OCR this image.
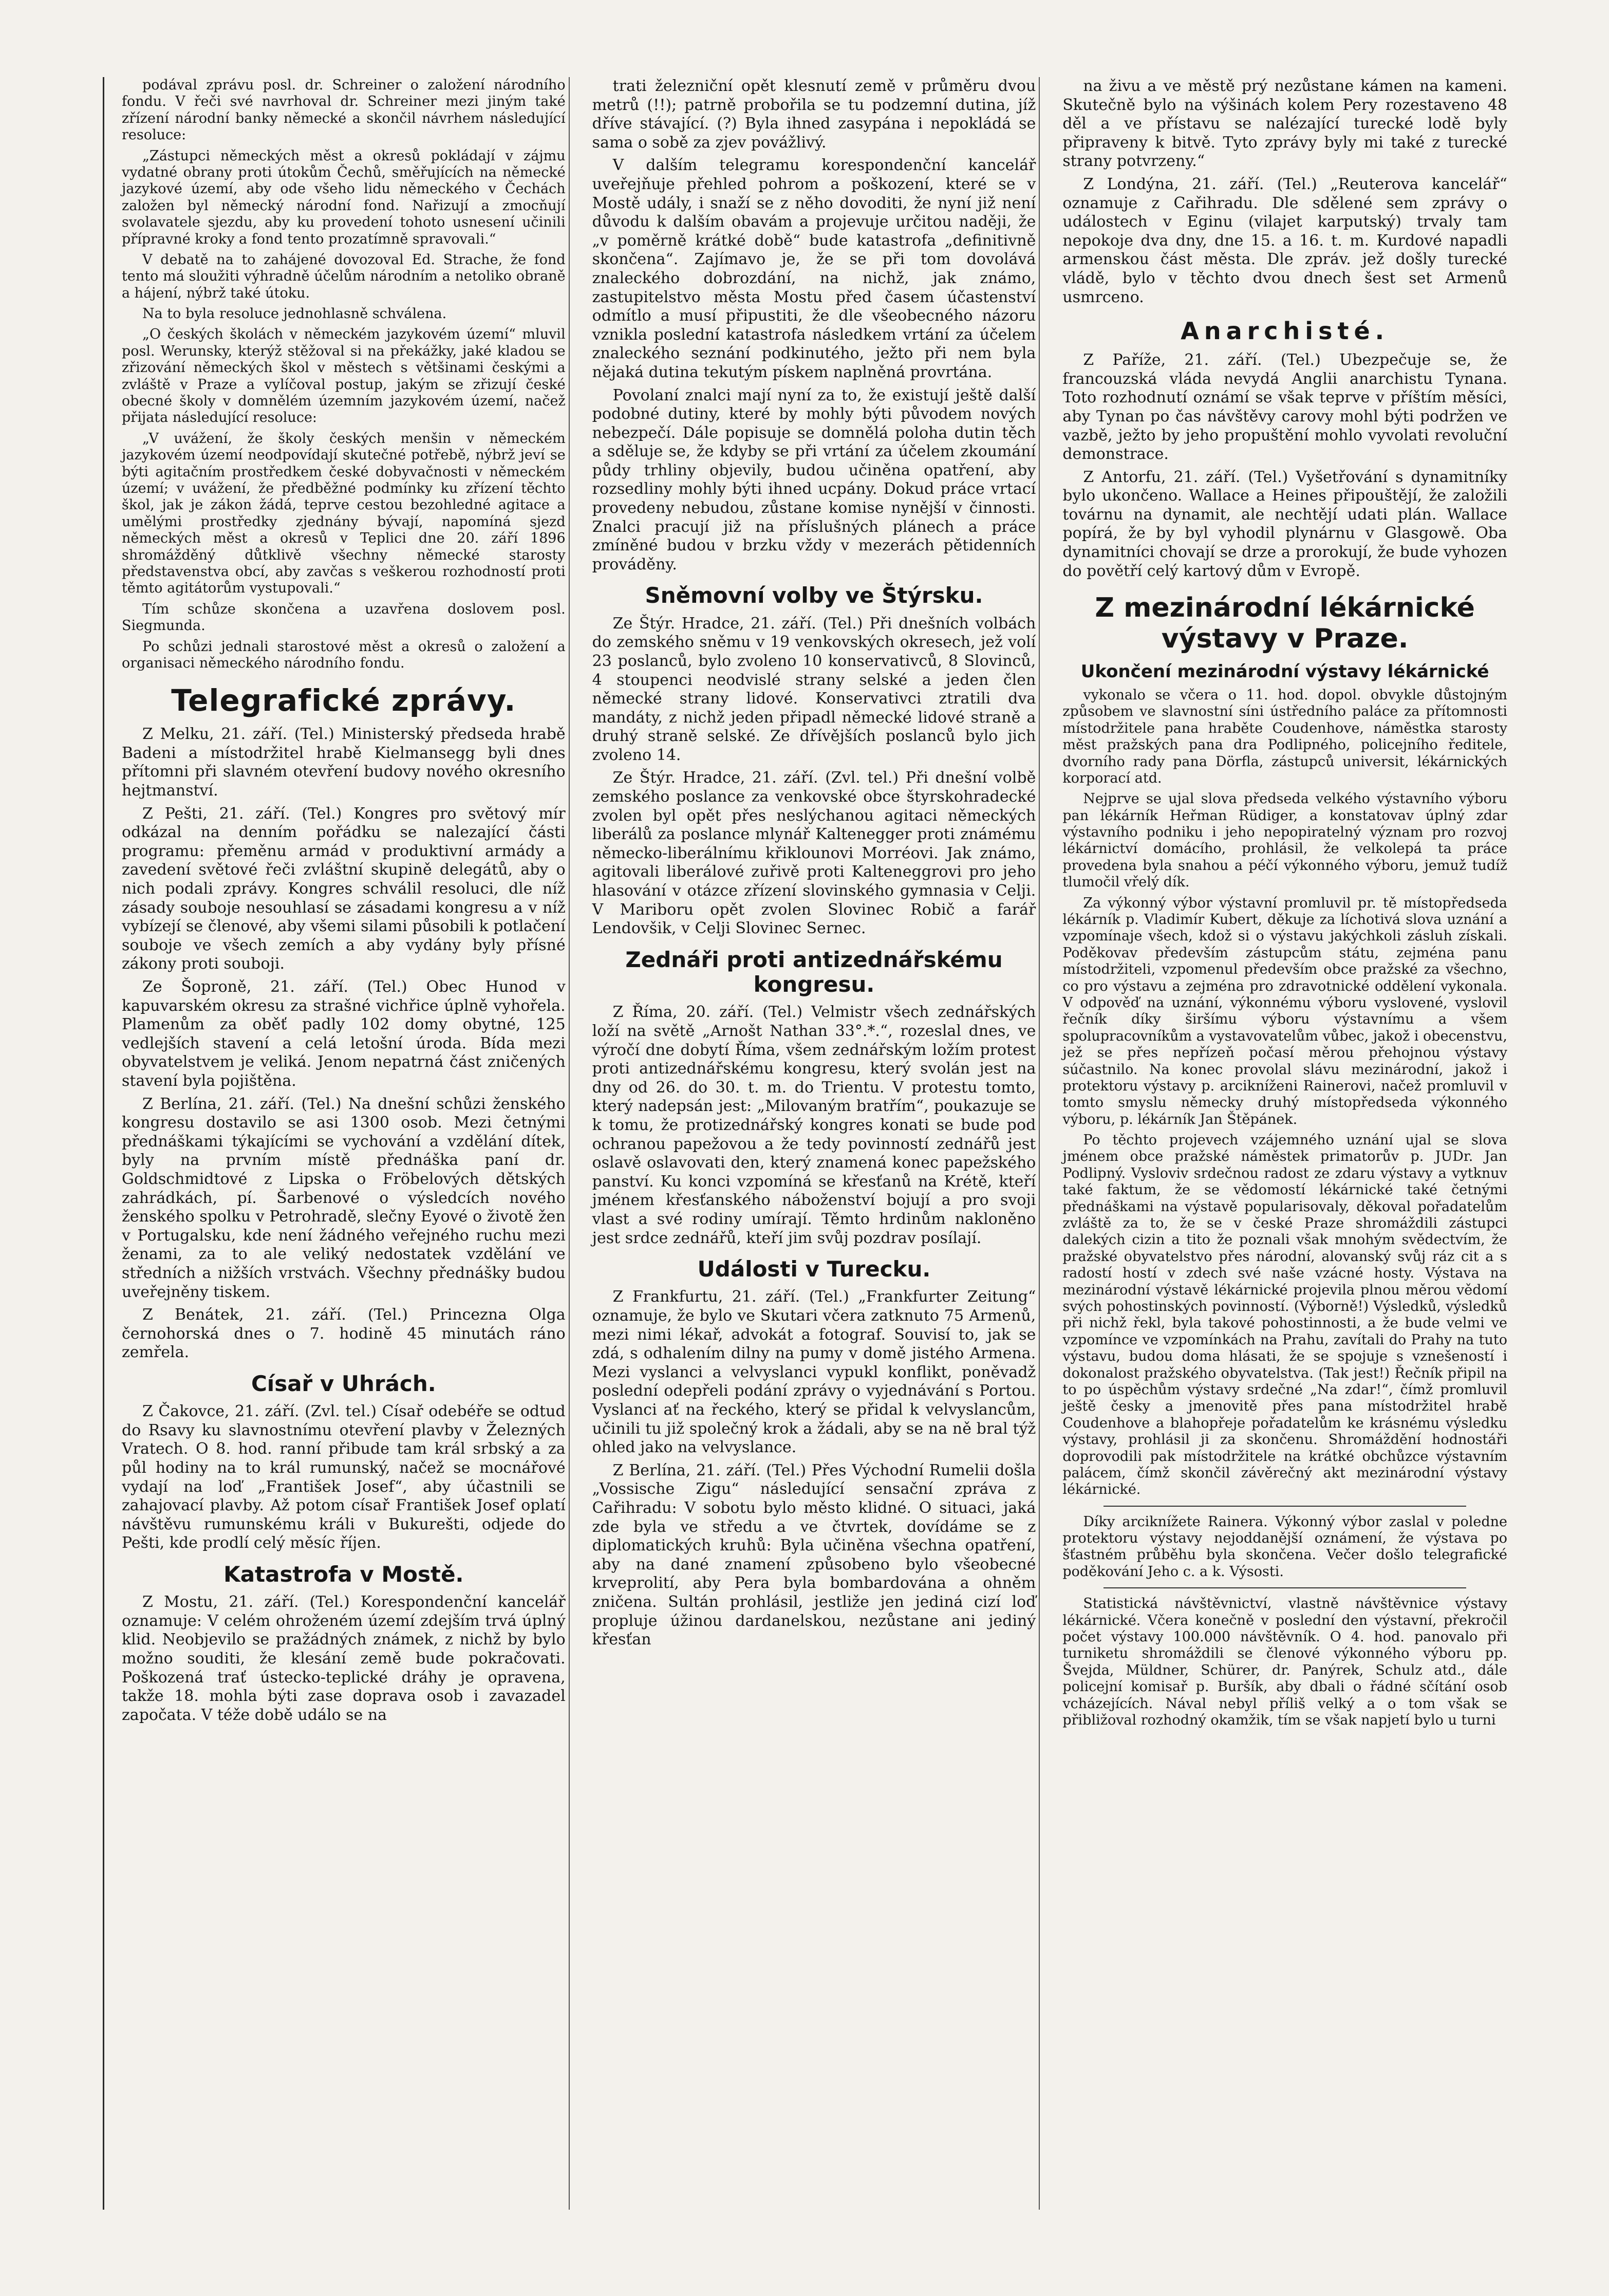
podával zprávu posl. dr. Schreiner o založení národního fondu. V řeči své navrhoval dr. Schreiner mezi jiným také zřízení národní banky německé a skončil návrhem následující resoluce:

„Zástupci německých měst a okresů pokládají v zájmu vydatné obrany proti útokům Čechů, směřujících na německé jazykové území, aby ode všeho lidu německého v Čechách založen byl německý národní fond. Nařizují a zmocňují svolavatele sjezdu, aby ku provedení tohoto usnesení učinili přípravné kroky a fond tento prozatímně spravovali.“

V debatě na to zahájené dovozoval Ed. Strache, že fond tento má sloužiti výhradně účelům národním a netoliko obraně a hájení, nýbrž také útoku.

Na to byla resoluce jednohlasně schválena.

„O českých školách v německém jazykovém území“ mluvil posl. Werunsky, kterýž stěžoval si na překážky, jaké kladou se zřizování německých škol v městech s většinami českými a zvláště v Praze a vylíčoval postup, jakým se zřizují české obecné školy v domnělém územním jazykovém území, načež přijata následující resoluce:

„V uvážení, že školy českých menšin v německém jazykovém území neodpovídají skutečné potřebě, nýbrž jeví se býti agitačním prostředkem české dobyvačnosti v německém území; v uvážení, že předběžné podmínky ku zřízení těchto škol, jak je zákon žádá, teprve cestou bezohledné agitace a umělými prostředky zjednány bývají, napomíná sjezd německých měst a okresů v Teplici dne 20. září 1896 shromážděný důtklivě všechny německé starosty představenstva obcí, aby zavčas s veškerou rozhodností proti těmto agitátorům vystupovali.“

Tím schůze skončena a uzavřena doslovem posl. Siegmunda.

Po schůzi jednali starostové měst a okresů o založení a organisaci německého národního fondu.

Telegrafické zprávy.

Z Melku, 21. září. (Tel.) Ministerský předseda hrabě Badeni a místodržitel hrabě Kielmansegg byli dnes přítomni při slavném otevření budovy nového okresního hejtmanství.

Z Pešti, 21. září. (Tel.) Kongres pro světový mír odkázal na denním pořádku se nalezající části programu: přeměnu armád v produktivní armády a zavedení světové řeči zvláštní skupině delegátů, aby o nich podali zprávy. Kongres schválil resoluci, dle níž zásady souboje nesouhlasí se zásadami kongresu a v níž vybízejí se členové, aby všemi silami působili k potlačení souboje ve všech zemích a aby vydány byly přísné zákony proti souboji.

Ze Šoproně, 21. září. (Tel.) Obec Hunod v kapuvarském okresu za strašné vichřice úplně vyhořela. Plamenům za oběť padly 102 domy obytné, 125 vedlejších stavení a celá letošní úroda. Bída mezi obyvatelstvem je veliká. Jenom nepatrná část zničených stavení byla pojištěna.

Z Berlína, 21. září. (Tel.) Na dnešní schůzi ženského kongresu dostavilo se asi 1300 osob. Mezi četnými přednáškami týkajícími se vychování a vzdělání dítek, byly na prvním místě přednáška paní dr. Goldschmidtové z Lipska o Fröbelových dětských zahrádkách, pí. Šarbenové o výsledcích nového ženského spolku v Petrohradě, slečny Eyové o životě žen v Portugalsku, kde není žádného veřejného ruchu mezi ženami, za to ale veliký nedostatek vzdělání ve středních a nižších vrstvách. Všechny přednášky budou uveřejněny tiskem.

Z Benátek, 21. září. (Tel.) Princezna Olga černohorská dnes o 7. hodině 45 minutách ráno zemřela.

Císař v Uhrách.

Z Čakovce, 21. září. (Zvl. tel.) Císař odebéře se odtud do Rsavy ku slavnostnímu otevření plavby v Železných Vratech. O 8. hod. ranní přibude tam král srbský a za půl hodiny na to král rumunský, načež se mocnářové vydají na loď „František Josef“, aby účastnili se zahajovací plavby. Až potom císař František Josef oplatí návštěvu rumunskému králi v Bukurešti, odjede do Pešti, kde prodlí celý měsíc říjen.

Katastrofa v Mostě.

Z Mostu, 21. září. (Tel.) Korespondenční kancelář oznamuje: V celém ohroženém území zdejším trvá úplný klid. Neobjevilo se pražádných známek, z nichž by bylo možno souditi, že klesání země bude pokračovati. Poškozená trať ústecko-teplické dráhy je opravena, takže 18. mohla býti zase doprava osob i zavazadel započata. V téže době událo se na

trati železniční opět klesnutí země v průměru dvou metrů (!!); patrně probořila se tu podzemní dutina, jíž dříve stávající. (?) Byla ihned zasypána i nepokládá se sama o sobě za zjev povážlivý.

V dalším telegramu korespondenční kancelář uveřejňuje přehled pohrom a poškození, které se v Mostě udály, i snaží se z něho dovoditi, že nyní již není důvodu k dalším obavám a projevuje určitou naději, že „v poměrně krátké době“ bude katastrofa „definitivně skončena“. Zajímavo je, že se při tom dovolává znaleckého dobrozdání, na nichž, jak známo, zastupitelstvo města Mostu před časem účastenství odmítlo a musí připustiti, že dle všeobecného názoru vznikla poslední katastrofa následkem vrtání za účelem znaleckého seznání podkinutého, ježto při nem byla nějaká dutina tekutým pískem naplněná provrtána.

Povolaní znalci mají nyní za to, že existují ještě další podobné dutiny, které by mohly býti původem nových nebezpečí. Dále popisuje se domnělá poloha dutin těch a sděluje se, že kdyby se při vrtání za účelem zkoumání půdy trhliny objevily, budou učiněna opatření, aby rozsedliny mohly býti ihned ucpány. Dokud práce vrtací provedeny nebudou, zůstane komise nynější v činnosti. Znalci pracují již na příslušných plánech a práce zmíněné budou v brzku vždy v mezerách pětidenních prováděny.

Sněmovní volby ve Štýrsku.

Ze Štýr. Hradce, 21. září. (Tel.) Při dnešních volbách do zemského sněmu v 19 venkovských okresech, jež volí 23 poslanců, bylo zvoleno 10 konservativců, 8 Slovinců, 4 stoupenci neodvislé strany selské a jeden člen německé strany lidové. Konservativci ztratili dva mandáty, z nichž jeden připadl německé lidové straně a druhý straně selské. Ze dřívějších poslanců bylo jich zvoleno 14.

Ze Štýr. Hradce, 21. září. (Zvl. tel.) Při dnešní volbě zemského poslance za venkovské obce štyrskohradecké zvolen byl opět přes neslýchanou agitaci německých liberálů za poslance mlynář Kaltenegger proti známému německo-liberálnímu křiklounovi Morréovi. Jak známo, agitovali liberálové zuřivě proti Kalteneggrovi pro jeho hlasování v otázce zřízení slovinského gymnasia v Celji. V Mariboru opět zvolen Slovinec Robič a farář Lendovšik, v Celji Slovinec Sernec.

Zednáři proti antizednářskému kongresu.

Z Říma, 20. září. (Tel.) Velmistr všech zednářských loží na světě „Arnošt Nathan 33°.*.“, rozeslal dnes, ve výročí dne dobytí Říma, všem zednářským ložím protest proti antizednářskému kongresu, který svolán jest na dny od 26. do 30. t. m. do Trientu. V protestu tomto, který nadepsán jest: „Milovaným bratřím“, poukazuje se k tomu, že protizednářský kongres konati se bude pod ochranou papežovou a že tedy povinností zednářů jest oslavě oslavovati den, který znamená konec papežského panství. Ku konci vzpomíná se křesťanů na Krétě, kteří jménem křesťanského náboženství bojují a pro svoji vlast a své rodiny umírají. Těmto hrdinům nakloněno jest srdce zednářů, kteří jim svůj pozdrav posílají.

Události v Turecku.

Z Frankfurtu, 21. září. (Tel.) „Frankfurter Zeitung“ oznamuje, že bylo ve Skutari včera zatknuto 75 Armenů, mezi nimi lékař, advokát a fotograf. Souvisí to, jak se zdá, s odhalením dilny na pumy v domě jistého Armena. Mezi vyslanci a velvyslanci vypukl konflikt, poněvadž poslední odepřeli podání zprávy o vyjednávání s Portou. Vyslanci ať na řeckého, který se přidal k velvyslancům, učinili tu již společný krok a žádali, aby se na ně bral týž ohled jako na velvyslance.

Z Berlína, 21. září. (Tel.) Přes Východní Rumelii došla „Vossische Zigu“ následující sensační zpráva z Cařihradu: V sobotu bylo město klidné. O situaci, jaká zde byla ve středu a ve čtvrtek, dovídáme se z diplomatických kruhů: Byla učiněna všechna opatření, aby na dané znamení způsobeno bylo všeobecné krveprolití, aby Pera byla bombardována a ohněm zničena. Sultán prohlásil, jestliže jen jediná cizí loď propluje úžinou dardanelskou, nezůstane ani jediný křesťan

na živu a ve městě prý nezůstane kámen na kameni. Skutečně bylo na výšinách kolem Pery rozestaveno 48 děl a ve přístavu se nalézající turecké lodě byly připraveny k bitvě. Tyto zprávy byly mi také z turecké strany potvrzeny.“

Z Londýna, 21. září. (Tel.) „Reuterova kancelář“ oznamuje z Cařihradu. Dle sdělené sem zprávy o událostech v Eginu (vilajet karputský) trvaly tam nepokoje dva dny, dne 15. a 16. t. m. Kurdové napadli armenskou část města. Dle zpráv. jež došly turecké vládě, bylo v těchto dvou dnech šest set Armenů usmrceno.

Anarchisté.

Z Paříže, 21. září. (Tel.) Ubezpečuje se, že francouzská vláda nevydá Anglii anarchistu Tynana. Toto rozhodnutí oznámí se však teprve v příštím měsíci, aby Tynan po čas návštěvy carovy mohl býti podržen ve vazbě, ježto by jeho propuštění mohlo vyvolati revoluční demonstrace.

Z Antorfu, 21. září. (Tel.) Vyšetřování s dynamitníky bylo ukončeno. Wallace a Heines připouštějí, že založili továrnu na dynamit, ale nechtějí udati plán. Wallace popírá, že by byl vyhodil plynárnu v Glasgowě. Oba dynamitníci chovají se drze a prorokují, že bude vyhozen do povětří celý kartový dům v Evropě.

Z mezinárodní lékárnické výstavy v Praze.
Ukončení mezinárodní výstavy lékárnické

vykonalo se včera o 11. hod. dopol. obvykle důstojným způsobem ve slavnostní síni ústředního paláce za přítomnosti místodržitele pana hraběte Coudenhove, náměstka starosty měst pražských pana dra Podlipného, policejního ředitele, dvorního rady pana Dörfla, zástupců universit, lékárnických korporací atd.

Nejprve se ujal slova předseda velkého výstavního výboru pan lékárník Heřman Rüdiger, a konstatovav úplný zdar výstavního podniku i jeho nepopiratelný význam pro rozvoj lékárnictví domácího, prohlásil, že velkolepá ta práce provedena byla snahou a péčí výkonného výboru, jemuž tudíž tlumočil vřelý dík.

Za výkonný výbor výstavní promluvil pr. tě místopředseda lékárník p. Vladimír Kubert, děkuje za líchotivá slova uznání a vzpomínaje všech, kdož si o výstavu jakýchkoli zásluh získali. Poděkovav především zástupcům státu, zejména panu místodržiteli, vzpomenul především obce pražské za všechno, co pro výstavu a zejména pro zdravotnické oddělení vykonala. V odpověď na uznání, výkonnému výboru vyslovené, vyslovil řečník díky širšímu výboru výstavnímu a všem spolupracovníkům a vystavovatelům vůbec, jakož i obecenstvu, jež se přes nepřízeň počasí měrou přehojnou výstavy súčastnilo. Na konec provolal slávu mezinárodní, jakož i protektoru výstavy p. arcikníženi Rainerovi, načež promluvil v tomto smyslu německy druhý místopředseda výkonného výboru, p. lékárník Jan Štěpánek.

Po těchto projevech vzájemného uznání ujal se slova jménem obce pražské náměstek primatorův p. JUDr. Jan Podlipný. Vysloviv srdečnou radost ze zdaru výstavy a vytknuv také faktum, že se vědomostí lékárnické také četnými přednáškami na výstavě popularisovaly, děkoval pořadatelům zvláště za to, že se v české Praze shromáždili zástupci dalekých cizin a tito že poznali však mnohým svědectvím, že pražské obyvatelstvo přes národní, alovanský svůj ráz cit a s radostí hostí v zdech své naše vzácné hosty. Výstava na mezinárodní výstavě lékárnické projevila plnou měrou vědomí svých pohostinských povinností. (Výborně!) Výsledků, výsledků při nichž řekl, byla takové pohostinnosti, a že bude velmi ve vzpomínce ve vzpomínkách na Prahu, zavítali do Prahy na tuto výstavu, budou doma hlásati, že se spojuje s vznešeností i dokonalost pražského obyvatelstva. (Tak jest!) Řečník připil na to po úspěchům výstavy srdečné „Na zdar!“, čímž promluvil ještě česky a jmenovitě přes pana místodržitel hrabě Coudenhove a blahopřeje pořadatelům ke krásnému výsledku výstavy, prohlásil ji za skončenu. Shromáždění hodnostáři doprovodili pak místodržitele na krátké obchůzce výstavním palácem, čímž skončil závěrečný akt mezinárodní výstavy lékárnické.

Díky arciknížete Rainera. Výkonný výbor zaslal v poledne protektoru výstavy nejoddanější oznámení, že výstava po šťastném průběhu byla skončena. Večer došlo telegrafické poděkování Jeho c. a k. Výsosti.

Statistická návštěvnictví, vlastně návštěvnice výstavy lékárnické. Včera konečně v poslední den výstavní, překročil počet výstavy 100.000 návštěvník. O 4. hod. panovalo při turniketu shromáždili se členové výkonného výboru pp. Švejda, Müldner, Schürer, dr. Panýrek, Schulz atd., dále policejní komisař p. Buršík, aby dbali o řádné sčítání osob vcházejících. Nával nebyl příliš velký a o tom však se přibližoval rozhodný okamžik, tím se však napjetí bylo u turni
